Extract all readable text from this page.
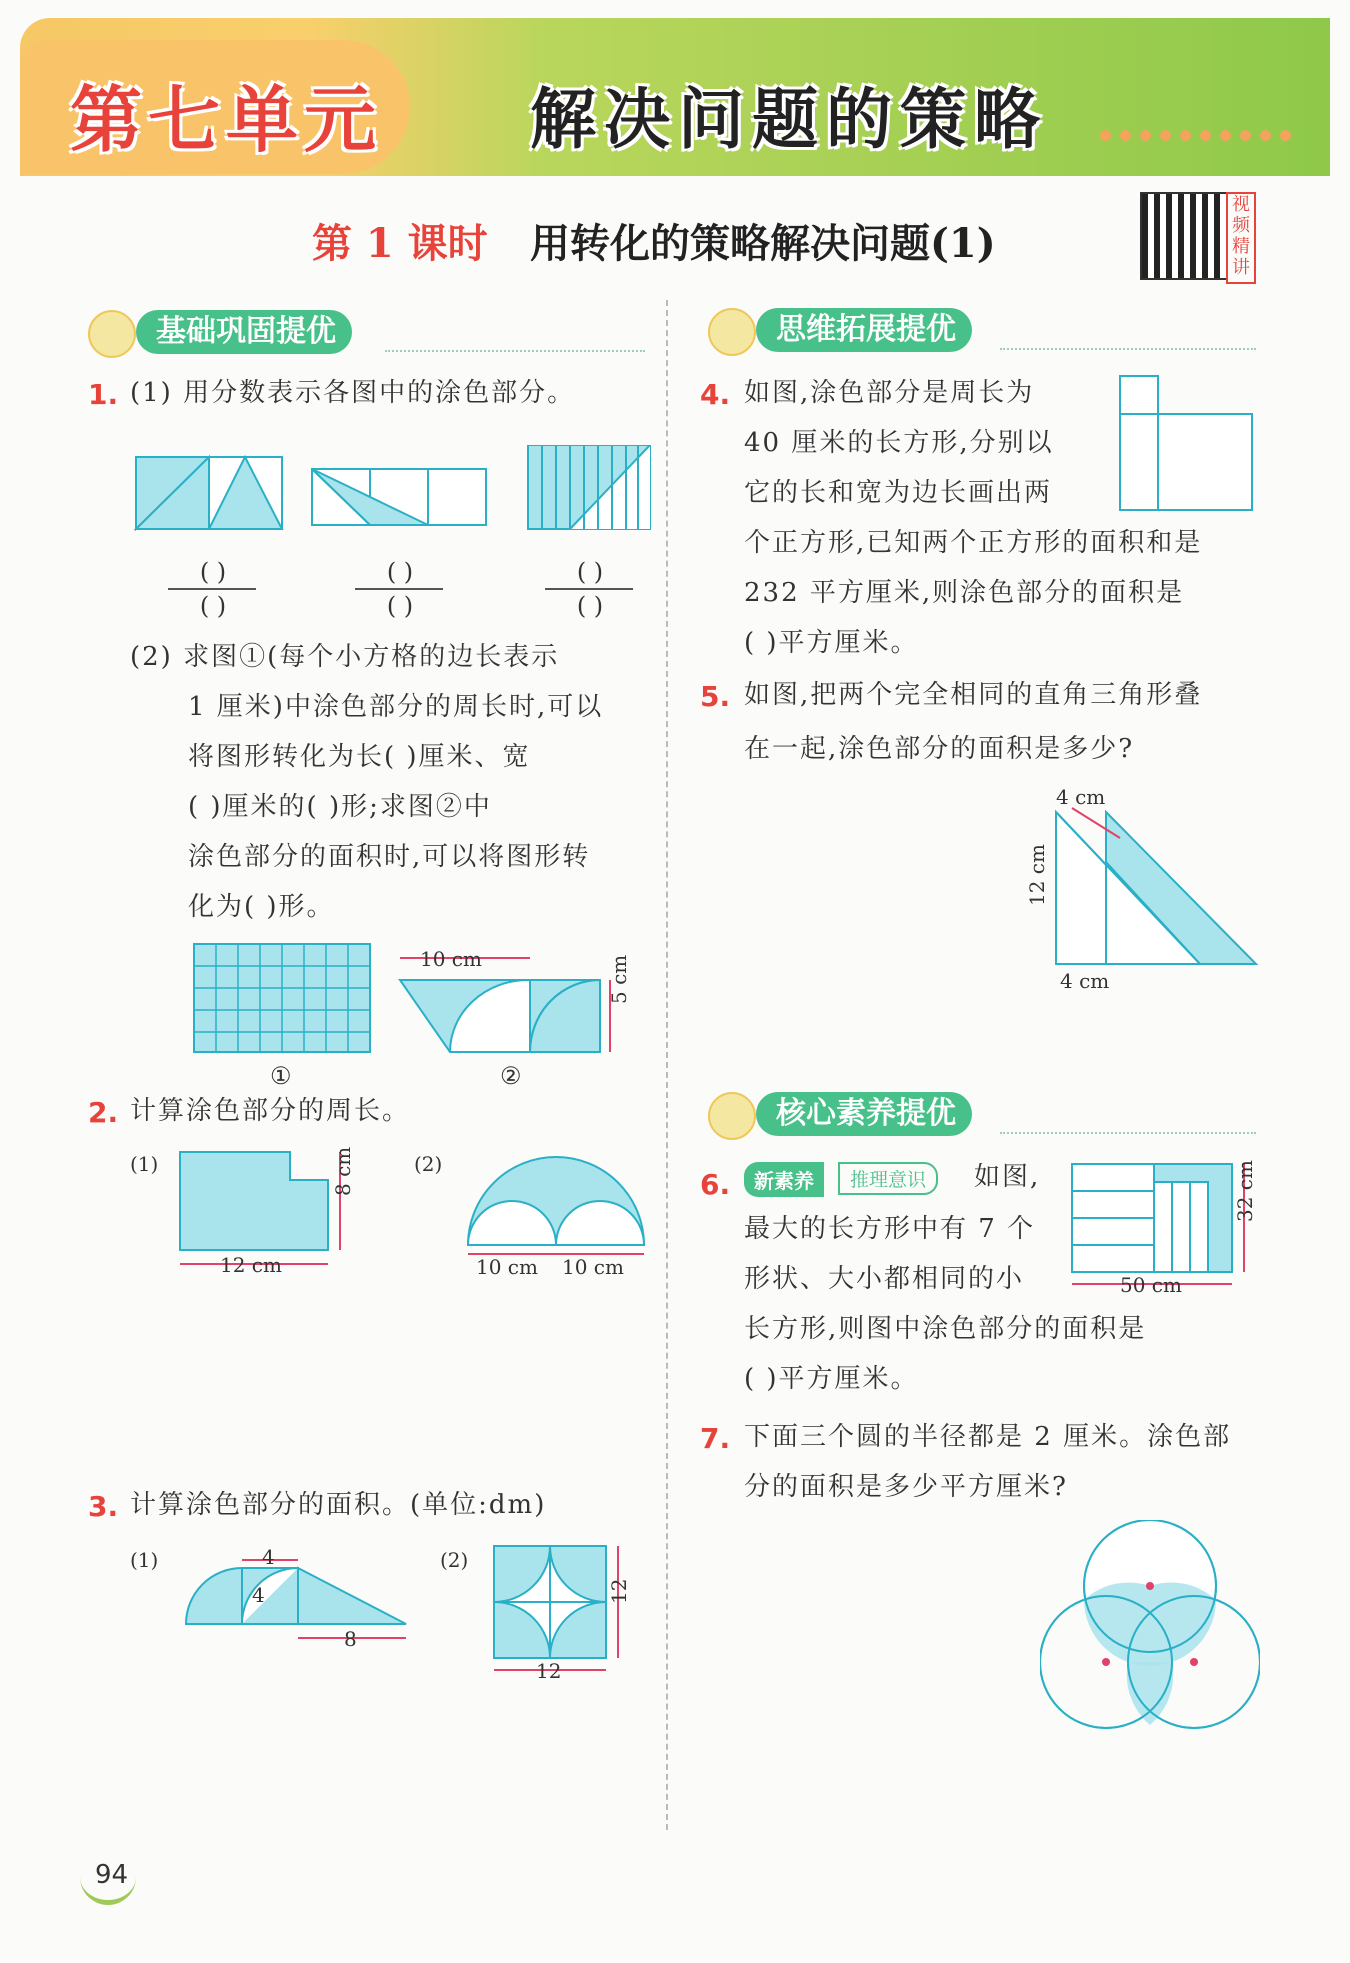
第七单元 解决问题的策略
第 1 课时 用转化的策略解决问题(1)
视频精讲
基础巩固提优	思维拓展提优
核心素养提优
1. (1) 用分数表示各图中的涂色部分。
( )
( )
( )
( )
( )
( )
(2) 求图①(每个小方格的边长表示
1 厘米)中涂色部分的周长时,可以
将图形转化为长( )厘米、宽
( )厘米的( )形;求图②中
涂色部分的面积时,可以将图形转
化为( )形。
10 cm	5 cm
①	②
2. 计算涂色部分的周长。
(1)	(2)
12 cm
8 cm
10 cm 10 cm
3. 计算涂色部分的面积。(单位:dm)
(1)	(2)
4
4
8
12
12
4. 如图,涂色部分是周长为
40 厘米的长方形,分别以
它的长和宽为边长画出两
个正方形,已知两个正方形的面积和是
232 平方厘米,则涂色部分的面积是
( )平方厘米。
5. 如图,把两个完全相同的直角三角形叠
在一起,涂色部分的面积是多少?
4 cm
12 cm
4 cm
6.	新素养	推理意识	如图,
最大的长方形中有 7 个
形状、大小都相同的小
长方形,则图中涂色部分的面积是
( )平方厘米。
32 cm
50 cm
7. 下面三个圆的半径都是 2 厘米。涂色部
分的面积是多少平方厘米?
94
